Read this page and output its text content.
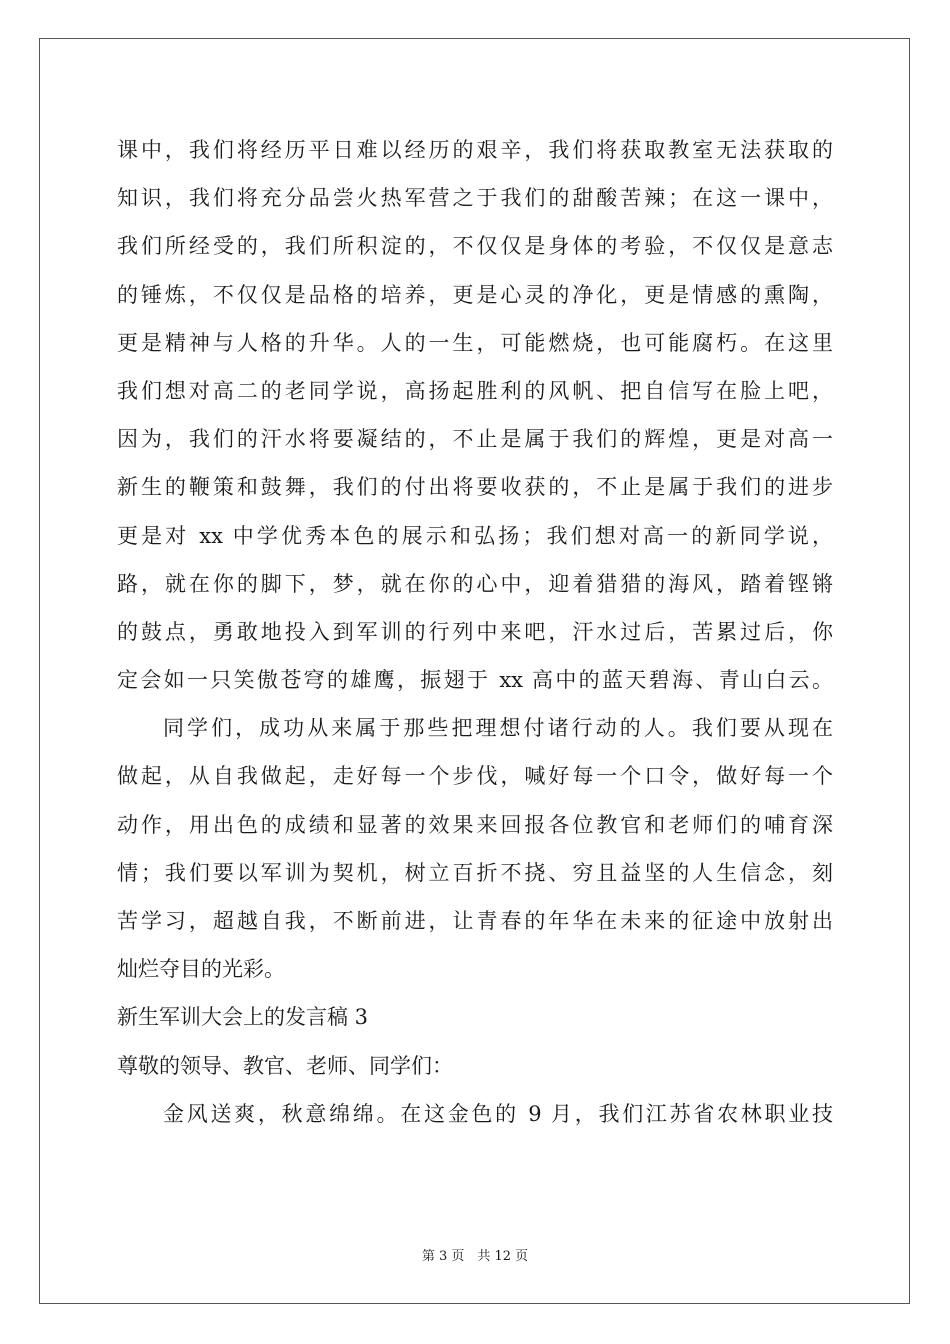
课中，我们将经历平日难以经历的艰辛，我们将获取教室无法获取的
知识，我们将充分品尝火热军营之于我们的甜酸苦辣；在这一课中，
我们所经受的，我们所积淀的，不仅仅是身体的考验，不仅仅是意志
的锤炼，不仅仅是品格的培养，更是心灵的净化，更是情感的熏陶，
更是精神与人格的升华。人的一生，可能燃烧，也可能腐朽。在这里
我们想对高二的老同学说，高扬起胜利的风帆、把自信写在脸上吧，
因为，我们的汗水将要凝结的，不止是属于我们的辉煌，更是对高一
新生的鞭策和鼓舞，我们的付出将要收获的，不止是属于我们的进步
更是对 xx 中学优秀本色的展示和弘扬；我们想对高一的新同学说，
路，就在你的脚下，梦，就在你的心中，迎着猎猎的海风，踏着铿锵
的鼓点，勇敢地投入到军训的行列中来吧，汗水过后，苦累过后，你
定会如一只笑傲苍穹的雄鹰，振翅于 xx 高中的蓝天碧海、青山白云。
同学们，成功从来属于那些把理想付诸行动的人。我们要从现在
做起，从自我做起，走好每一个步伐，喊好每一个口令，做好每一个
动作，用出色的成绩和显著的效果来回报各位教官和老师们的哺育深
情；我们要以军训为契机，树立百折不挠、穷且益坚的人生信念，刻
苦学习，超越自我，不断前进，让青春的年华在未来的征途中放射出
灿烂夺目的光彩。
新生军训大会上的发言稿 3
尊敬的领导、教官、老师、同学们：
金风送爽，秋意绵绵。在这金色的 9 月，我们江苏省农林职业技
第 3 页　共 12 页
